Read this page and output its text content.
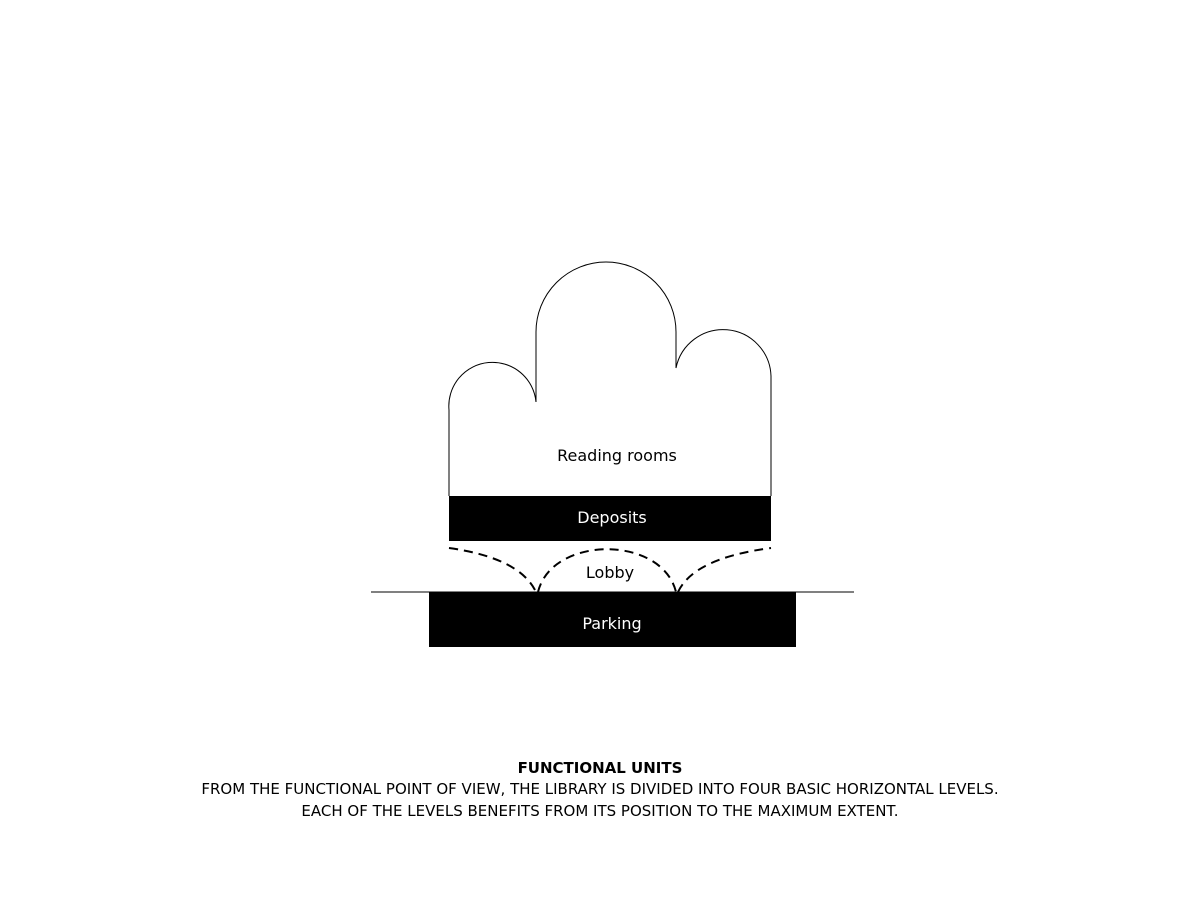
Reading rooms
Deposits
Lobby
Parking
FUNCTIONAL UNITS
FROM THE FUNCTIONAL POINT OF VIEW, THE LIBRARY IS DIVIDED INTO FOUR BASIC HORIZONTAL LEVELS.
EACH OF THE LEVELS BENEFITS FROM ITS POSITION TO THE MAXIMUM EXTENT.
